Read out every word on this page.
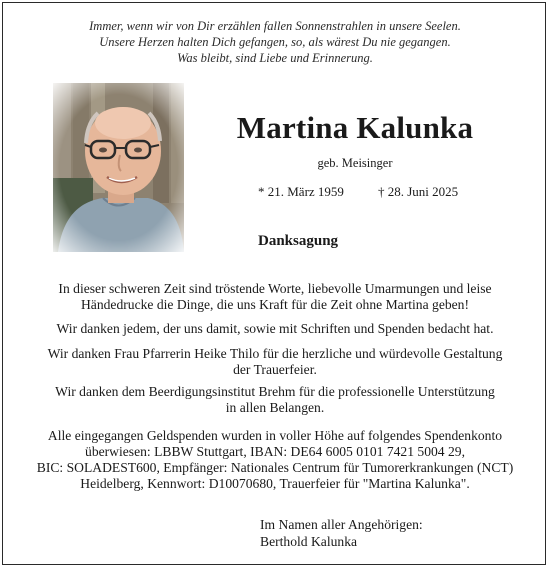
Immer, wenn wir von Dir erzählen fallen Sonnenstrahlen in unsere Seelen.
Unsere Herzen halten Dich gefangen, so, als wärest Du nie gegangen.
Was bleibt, sind Liebe und Erinnerung.
Martina Kalunka
geb. Meisinger
* 21. März 1959	† 28. Juni 2025
Danksagung
In dieser schweren Zeit sind tröstende Worte, liebevolle Umarmungen und leise
Händedrucke die Dinge, die uns Kraft für die Zeit ohne Martina geben!
Wir danken jedem, der uns damit, sowie mit Schriften und Spenden bedacht hat.
Wir danken Frau Pfarrerin Heike Thilo für die herzliche und würdevolle Gestaltung
der Trauerfeier.
Wir danken dem Beerdigungsinstitut Brehm für die professionelle Unterstützung
in allen Belangen.
Alle eingegangen Geldspenden wurden in voller Höhe auf folgendes Spendenkonto
überwiesen: LBBW Stuttgart, IBAN: DE64 6005 0101 7421 5004 29,
BIC: SOLADEST600, Empfänger: Nationales Centrum für Tumorerkrankungen (NCT)
Heidelberg, Kennwort: D10070680, Trauerfeier für "Martina Kalunka".
Im Namen aller Angehörigen:
Berthold Kalunka
